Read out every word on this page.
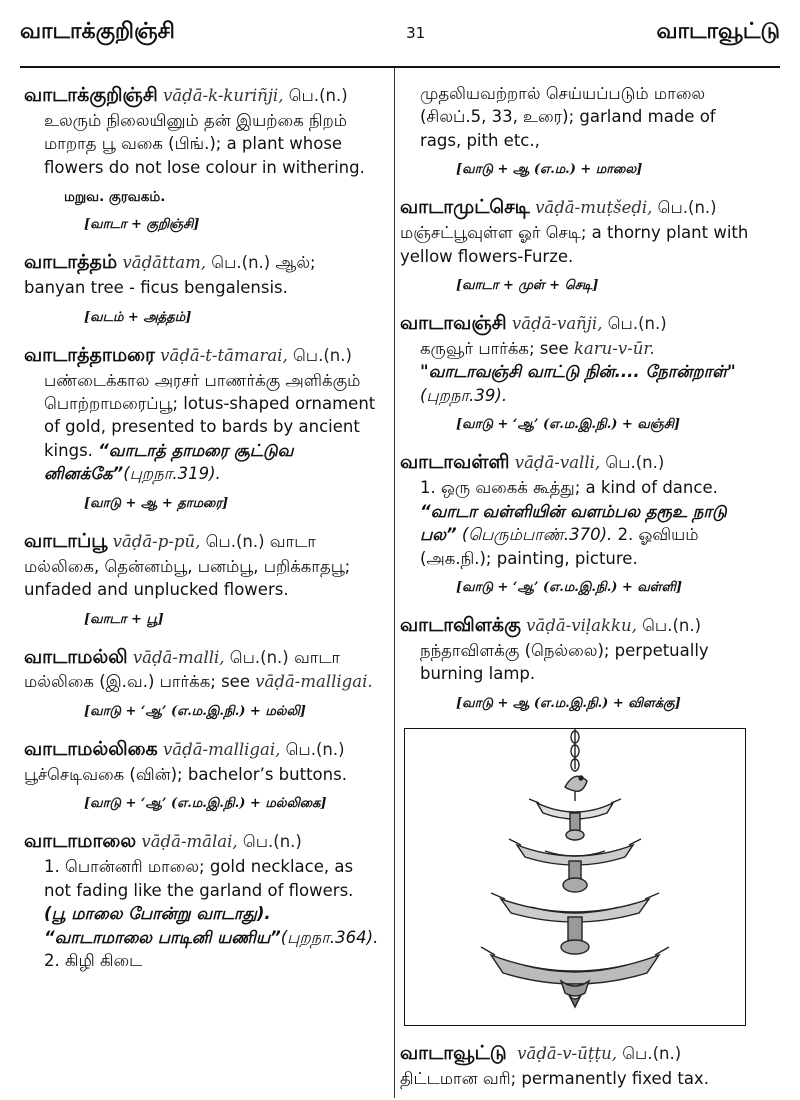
வாடாக்குறிஞ்சி	31	வாடாவூட்டு
வாடாக்குறிஞ்சி vāḍā-k-kuriñji, பெ.(n.)
உலரும் நிலையினும் தன் இயற்கை நிறம் மாறாத பூ வகை (பிங்.); a plant whose flowers do not lose colour in withering.
மறுவ. குரவகம்.
[வாடா + குறிஞ்சி]
வாடாத்தம் vāḍāttam, பெ.(n.) ஆல்; banyan tree - ficus bengalensis.
[வடம் + அத்தம்]
வாடாத்தாமரை vāḍā-t-tāmarai, பெ.(n.)
பண்டைக்கால அரசர் பாணர்க்கு அளிக்கும் பொற்றாமரைப்பூ; lotus-shaped ornament of gold, presented to bards by ancient kings. “வாடாத் தாமரை சூட்டுவ னினக்கே”(புறநா.319).
[வாடு + ஆ + தாமரை]
வாடாப்பூ vāḍā-p-pū, பெ.(n.) வாடா மல்லிகை, தென்னம்பூ, பனம்பூ, பறிக்காதபூ; unfaded and unplucked flowers.
[வாடா + பூ]
வாடாமல்லி vāḍā-malli, பெ.(n.) வாடா மல்லிகை (இ.வ.) பார்க்க; see vāḍā-malligai.
[வாடு + ‘ஆ’ (எ.ம.இ.நி.) + மல்லி]
வாடாமல்லிகை vāḍā-malligai, பெ.(n.) பூச்செடிவகை (வின்); bachelor’s buttons.
[வாடு + ‘ஆ’ (எ.ம.இ.நி.) + மல்லிகை]
வாடாமாலை vāḍā-mālai, பெ.(n.)
1. பொன்னரி மாலை; gold necklace, as not fading like the garland of flowers. (பூ மாலை போன்று வாடாது). “வாடாமாலை பாடினி யணிய”(புறநா.364). 2. கிழி கிடை
முதலியவற்றால் செய்யப்படும் மாலை (சிலப்.5, 33, உரை); garland made of rags, pith etc.,
[வாடு + ஆ (எ.ம.) + மாலை]
வாடாமுட்செடி vāḍā-muṭšeḍi, பெ.(n.) மஞ்சட்பூவுள்ள ஓர் செடி; a thorny plant with yellow flowers-Furze.
[வாடா + முள் + செடி]
வாடாவஞ்சி vāḍā-vañji, பெ.(n.)
கருவூர் பார்க்க; see karu-v-ūr. "வாடாவஞ்சி வாட்டு நின்.... நோன்றாள்" (புறநா.39).
[வாடு + ‘ஆ’ (எ.ம.இ.நி.) + வஞ்சி]
வாடாவள்ளி vāḍā-valli, பெ.(n.)
1. ஒரு வகைக் கூத்து; a kind of dance. “வாடா வள்ளியின் வளம்பல தரூஉ நாடு பல” (பெரும்பாண்.370). 2. ஓவியம் (அக.நி.); painting, picture.
[வாடு + ‘ஆ’ (எ.ம.இ.நி.) + வள்ளி]
வாடாவிளக்கு vāḍā-viḷakku, பெ.(n.)
நந்தாவிளக்கு (நெல்லை); perpetually burning lamp.
[வாடு + ஆ (எ.ம.இ.நி.) + விளக்கு]
வாடாவூட்டு vāḍā-v-ūṭṭu, பெ.(n.)
திட்டமான வரி; permanently fixed tax.
